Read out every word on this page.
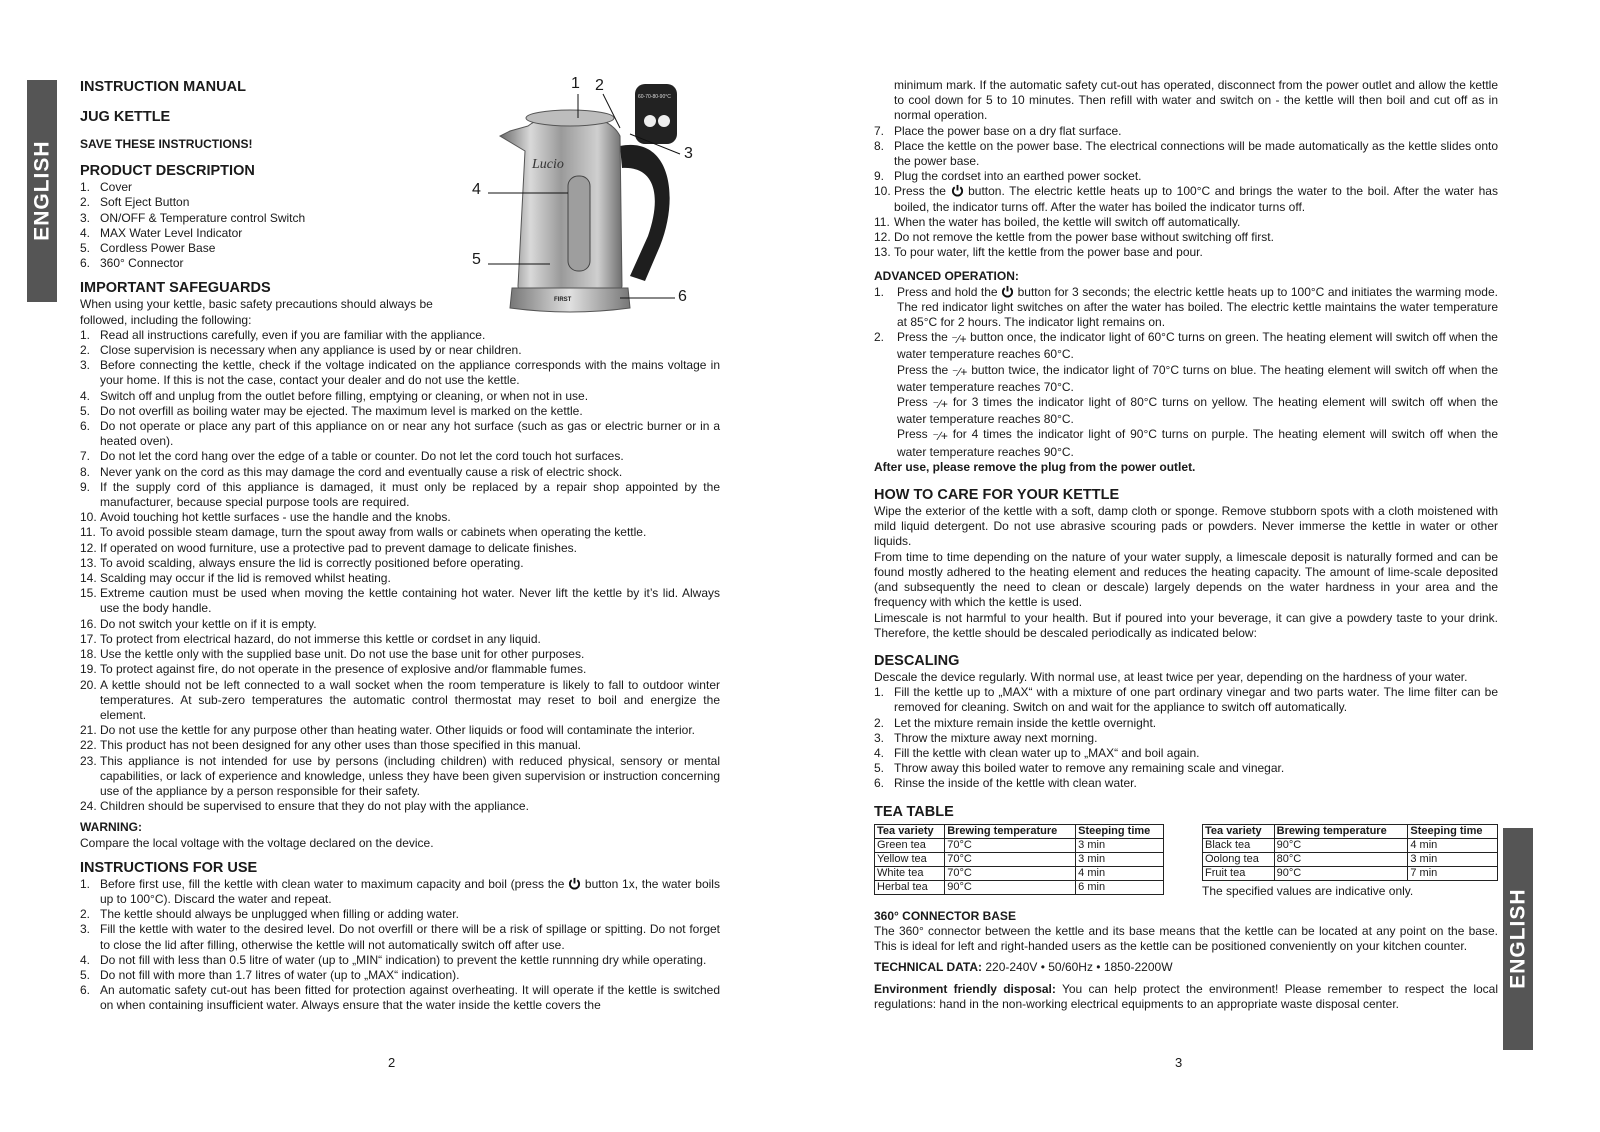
ENGLISH
ENGLISH
Lucio
FIRST
60-70-80-90°C
1 2
3
4
5
6
INSTRUCTION MANUAL
JUG KETTLE

SAVE THESE INSTRUCTIONS!

PRODUCT DESCRIPTION
1. Cover
2. Soft Eject Button
3. ON/OFF & Temperature control Switch
4. MAX Water Level Indicator
5. Cordless Power Base
6. 360° Connector
IMPORTANT SAFEGUARDS

When using your kettle, basic safety precautions should always be
followed, including the following:

1. Read all instructions carefully, even if you are familiar with the appliance.
2. Close supervision is necessary when any appliance is used by or near children.
3. Before connecting the kettle, check if the voltage indicated on the appliance corresponds with the mains voltage in your home. If this is not the case, contact your dealer and do not use the kettle.
4. Switch off and unplug from the outlet before filling, emptying or cleaning, or when not in use.
5. Do not overfill as boiling water may be ejected. The maximum level is marked on the kettle.
6. Do not operate or place any part of this appliance on or near any hot surface (such as gas or electric burner or in a heated oven).
7. Do not let the cord hang over the edge of a table or counter. Do not let the cord touch hot surfaces.
8. Never yank on the cord as this may damage the cord and eventually cause a risk of electric shock.
9. If the supply cord of this appliance is damaged, it must only be replaced by a repair shop appointed by the manufacturer, because special purpose tools are required.
10. Avoid touching hot kettle surfaces - use the handle and the knobs.
11. To avoid possible steam damage, turn the spout away from walls or cabinets when operating the kettle.
12. If operated on wood furniture, use a protective pad to prevent damage to delicate finishes.
13. To avoid scalding, always ensure the lid is correctly positioned before operating.
14. Scalding may occur if the lid is removed whilst heating.
15. Extreme caution must be used when moving the kettle containing hot water. Never lift the kettle by it’s lid. Always use the body handle.
16. Do not switch your kettle on if it is empty.
17. To protect from electrical hazard, do not immerse this kettle or cordset in any liquid.
18. Use the kettle only with the supplied base unit. Do not use the base unit for other purposes.
19. To protect against fire, do not operate in the presence of explosive and/or flammable fumes.
20. A kettle should not be left connected to a wall socket when the room temperature is likely to fall to outdoor winter temperatures. At sub-zero temperatures the automatic control thermostat may reset to boil and energize the element.
21. Do not use the kettle for any purpose other than heating water. Other liquids or food will contaminate the interior.
22. This product has not been designed for any other uses than those specified in this manual.
23. This appliance is not intended for use by persons (including children) with reduced physical, sensory or mental capabilities, or lack of experience and knowledge, unless they have been given supervision or instruction concerning use of the appliance by a person responsible for their safety.
24. Children should be supervised to ensure that they do not play with the appliance.

WARNING:

Compare the local voltage with the voltage declared on the device.

INSTRUCTIONS FOR USE
1. Before first use, fill the kettle with clean water to maximum capacity and boil (press the button 1x, the water boils up to 100°C). Discard the water and repeat.
2. The kettle should always be unplugged when filling or adding water.
3. Fill the kettle with water to the desired level. Do not overfill or there will be a risk of spillage or spitting. Do not forget to close the lid after filling, otherwise the kettle will not automatically switch off after use.
4. Do not fill with less than 0.5 litre of water (up to „MIN“ indication) to prevent the kettle runnning dry while operating.
5. Do not fill with more than 1.7 litres of water (up to „MAX“ indication).
6. An automatic safety cut-out has been fitted for protection against overheating. It will operate if the kettle is switched on when containing insufficient water. Always ensure that the water inside the kettle covers the
2

minimum mark. If the automatic safety cut-out has operated, disconnect from the power outlet and allow the kettle to cool down for 5 to 10 minutes. Then refill with water and switch on - the kettle will then boil and cut off as in normal operation.

7. Place the power base on a dry flat surface.
8. Place the kettle on the power base. The electrical connections will be made automatically as the kettle slides onto the power base.
9. Plug the cordset into an earthed power socket.
10. Press the button. The electric kettle heats up to 100°C and brings the water to the boil. After the water has boiled, the indicator turns off. After the water has boiled the indicator turns off.
11. When the water has boiled, the kettle will switch off automatically.
12. Do not remove the kettle from the power base without switching off first.
13. To pour water, lift the kettle from the power base and pour.

ADVANCED OPERATION:

1. Press and hold the button for 3 seconds; the electric kettle heats up to 100°C and initiates the warming mode. The red indicator light switches on after the water has boiled. The electric kettle maintains the water temperature at 85°C for 2 hours. The indicator light remains on.
2. Press the ⁻∕+ button once, the indicator light of 60°C turns on green. The heating element will switch off when the water temperature reaches 60°C.
Press the ⁻∕+ button twice, the indicator light of 70°C turns on blue. The heating element will switch off when the water temperature reaches 70°C.
Press ⁻∕+ for 3 times the indicator light of 80°C turns on yellow. The heating element will switch off when the water temperature reaches 80°C.
Press ⁻∕+ for 4 times the indicator light of 90°C turns on purple. The heating element will switch off when the water temperature reaches 90°C.

After use, please remove the plug from the power outlet.

HOW TO CARE FOR YOUR KETTLE

Wipe the exterior of the kettle with a soft, damp cloth or sponge. Remove stubborn spots with a cloth moistened with mild liquid detergent. Do not use abrasive scouring pads or powders. Never immerse the kettle in water or other liquids.

From time to time depending on the nature of your water supply, a limescale deposit is naturally formed and can be found mostly adhered to the heating element and reduces the heating capacity. The amount of lime-scale deposited (and subsequently the need to clean or descale) largely depends on the water hardness in your area and the frequency with which the kettle is used.

Limescale is not harmful to your health. But if poured into your beverage, it can give a powdery taste to your drink. Therefore, the kettle should be descaled periodically as indicated below:

DESCALING

Descale the device regularly. With normal use, at least twice per year, depending on the hardness of your water.

1. Fill the kettle up to „MAX“ with a mixture of one part ordinary vinegar and two parts water. The lime filter can be removed for cleaning. Switch on and wait for the appliance to switch off automatically.
2. Let the mixture remain inside the kettle overnight.
3. Throw the mixture away next morning.
4. Fill the kettle with clean water up to „MAX“ and boil again.
5. Throw away this boiled water to remove any remaining scale and vinegar.
6. Rinse the inside of the kettle with clean water.
TEA TABLE
Tea variety	Brewing temperature	Steeping time
Green tea	70°C	3 min
Yellow tea	70°C	3 min
White tea	70°C	4 min
Herbal tea	90°C	6 min
Tea variety	Brewing temperature	Steeping time
Black tea	90°C	4 min
Oolong tea	80°C	3 min
Fruit tea	90°C	7 min

The specified values are indicative only.

360° CONNECTOR BASE

The 360° connector between the kettle and its base means that the kettle can be located at any point on the base. This is ideal for left and right-handed users as the kettle can be positioned conveniently on your kitchen counter.

TECHNICAL DATA: 220-240V • 50/60Hz • 1850-2200W

Environment friendly disposal: You can help protect the environment! Please remember to respect the local regulations: hand in the non-working electrical equipments to an appropriate waste disposal center.

3
